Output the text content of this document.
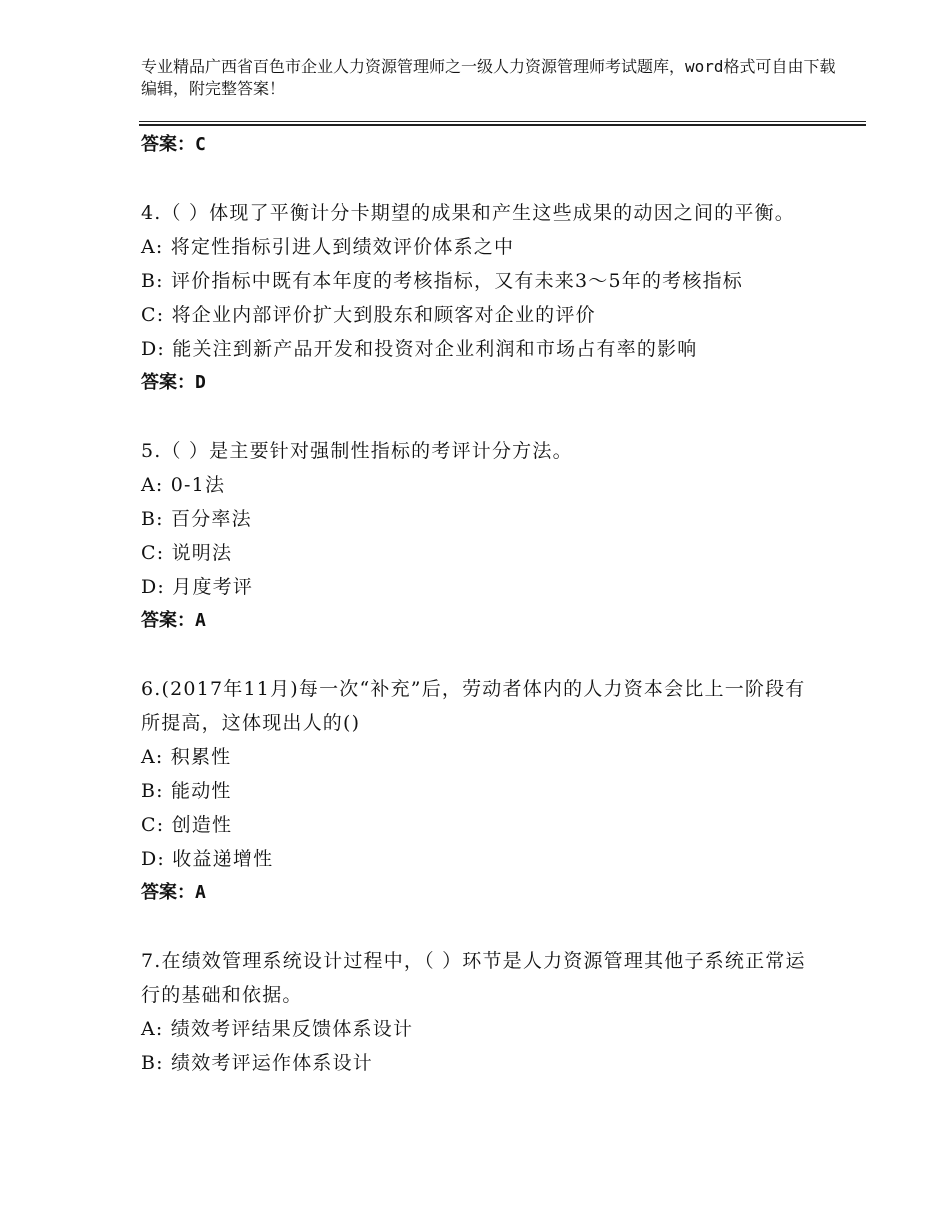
专业精品广西省百色市企业人力资源管理师之一级人力资源管理师考试题库，word格式可自由下载编辑，附完整答案！
答案：C
4.（ ）体现了平衡计分卡期望的成果和产生这些成果的动因之间的平衡。
A: 将定性指标引进人到绩效评价体系之中
B: 评价指标中既有本年度的考核指标，又有未来3～5年的考核指标
C: 将企业内部评价扩大到股东和顾客对企业的评价
D: 能关注到新产品开发和投资对企业利润和市场占有率的影响
答案：D
5.（ ）是主要针对强制性指标的考评计分方法。
A: 0-1法
B: 百分率法
C: 说明法
D: 月度考评
答案：A
6.(2017年11月)每一次“补充”后，劳动者体内的人力资本会比上一阶段有所提高，这体现出人的()
A: 积累性
B: 能动性
C: 创造性
D: 收益递增性
答案：A
7.在绩效管理系统设计过程中，（ ）环节是人力资源管理其他子系统正常运行的基础和依据。
A: 绩效考评结果反馈体系设计
B: 绩效考评运作体系设计
